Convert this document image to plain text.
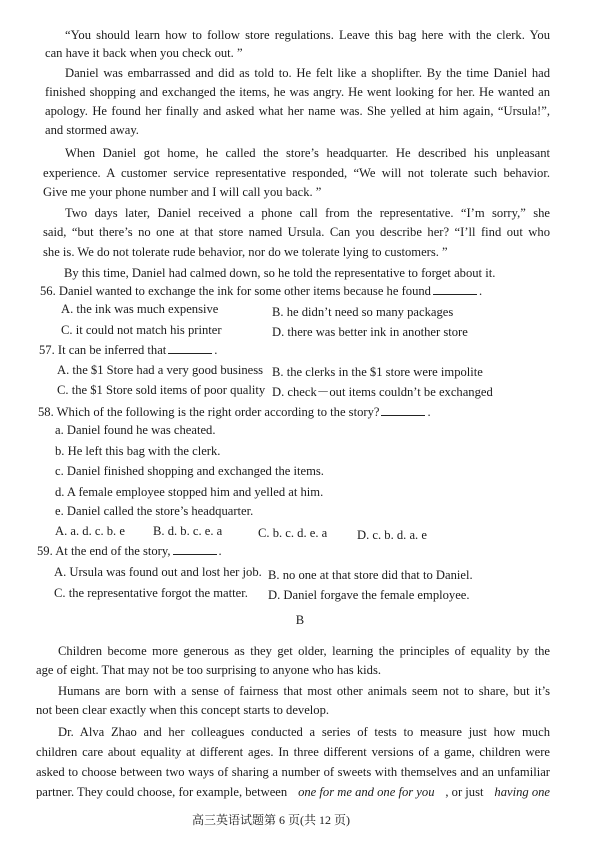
“You should learn how to follow store regulations. Leave this bag here with the clerk. You
can have it back when you check out. ”
Daniel was embarrassed and did as told to. He felt like a shoplifter. By the time Daniel had
finished shopping and exchanged the items, he was angry. He went looking for her. He wanted an
apology. He found her finally and asked what her name was. She yelled at him again, “Ursula!”,
and stormed away.
When Daniel got home, he called the store’s headquarter. He described his unpleasant
experience. A customer service representative responded, “We will not tolerate such behavior.
Give me your phone number and I will call you back. ”
Two days later, Daniel received a phone call from the representative. “I’m sorry,” she
said, “but there’s no one at that store named Ursula. Can you describe her? “I’ll find out who
she is. We do not tolerate rude behavior, nor do we tolerate lying to customers. ”
By this time, Daniel had calmed down, so he told the representative to forget about it.
56. Daniel wanted to exchange the ink for some other items because he found	.
A. the ink was much expensive	B. he didn’t need so many packages
C. it could not match his printer	D. there was better ink in another store
57. It can be inferred that	.
A. the $1 Store had a very good business B. the clerks in the $1 store were impolite
C. the $1 Store sold items of poor quality D. check－out items couldn’t be exchanged
58. Which of the following is the right order according to the story?	.
a. Daniel found he was cheated.
b. He left this bag with the clerk.
c. Daniel finished shopping and exchanged the items.
d. A female employee stopped him and yelled at him.
e. Daniel called the store’s headquarter.
A. a. d. c. b. e B. d. b. c. e. a	C. b. c. d. e. a D. c. b. d. a. e
59. At the end of the story,	.
A. Ursula was found out and lost her job. B. no one at that store did that to Daniel.
C. the representative forgot the matter. D. Daniel forgave the female employee.
Children become more generous as they get older, learning the principles of equality by the
age of eight. That may not be too surprising to anyone who has kids.
Humans are born with a sense of fairness that most other animals seem not to share, but it’s
not been clear exactly when this concept starts to develop.
Dr. Alva Zhao and her colleagues conducted a series of tests to measure just how much
children care about equality at different ages. In three different versions of a game, children were
asked to choose between two ways of sharing a number of sweets with themselves and an unfamiliar
B
partner. They could choose, for example, between one for me and one for you , or just having one
高三英语试题第 6 页(共 12 页)
